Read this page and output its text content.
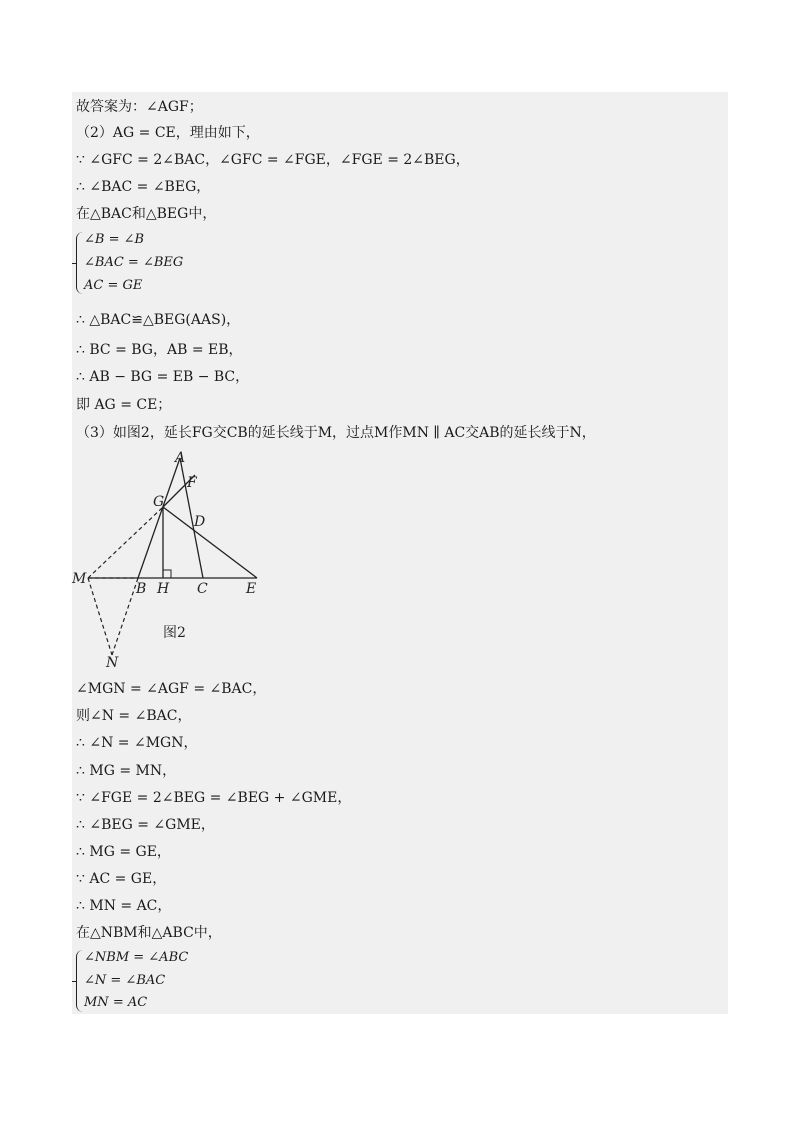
故答案为：∠AGF；
（2）AG = CE，理由如下，
∵ ∠GFC = 2∠BAC，∠GFC = ∠FGE，∠FGE = 2∠BEG，
∴ ∠BAC = ∠BEG，
在△BAC和△BEG中，
∠B = ∠B
∠BAC = ∠BEG
AC = GE
∴ △BAC≌△BEG(AAS)，
∴ BC = BG，AB = EB，
∴ AB − BG = EB − BC，
即 AG = CE；
（3）如图2，延长FG交CB的延长线于M，过点M作MN ∥ AC交AB的延长线于N，
A
F
G
D
M
B H C	E
N
图2
∠MGN = ∠AGF = ∠BAC，
则∠N = ∠BAC，
∴ ∠N = ∠MGN，
∴ MG = MN，
∵ ∠FGE = 2∠BEG = ∠BEG + ∠GME，
∴ ∠BEG = ∠GME，
∴ MG = GE，
∵ AC = GE，
∴ MN = AC，
在△NBM和△ABC中，
∠NBM = ∠ABC
∠N = ∠BAC
MN = AC
